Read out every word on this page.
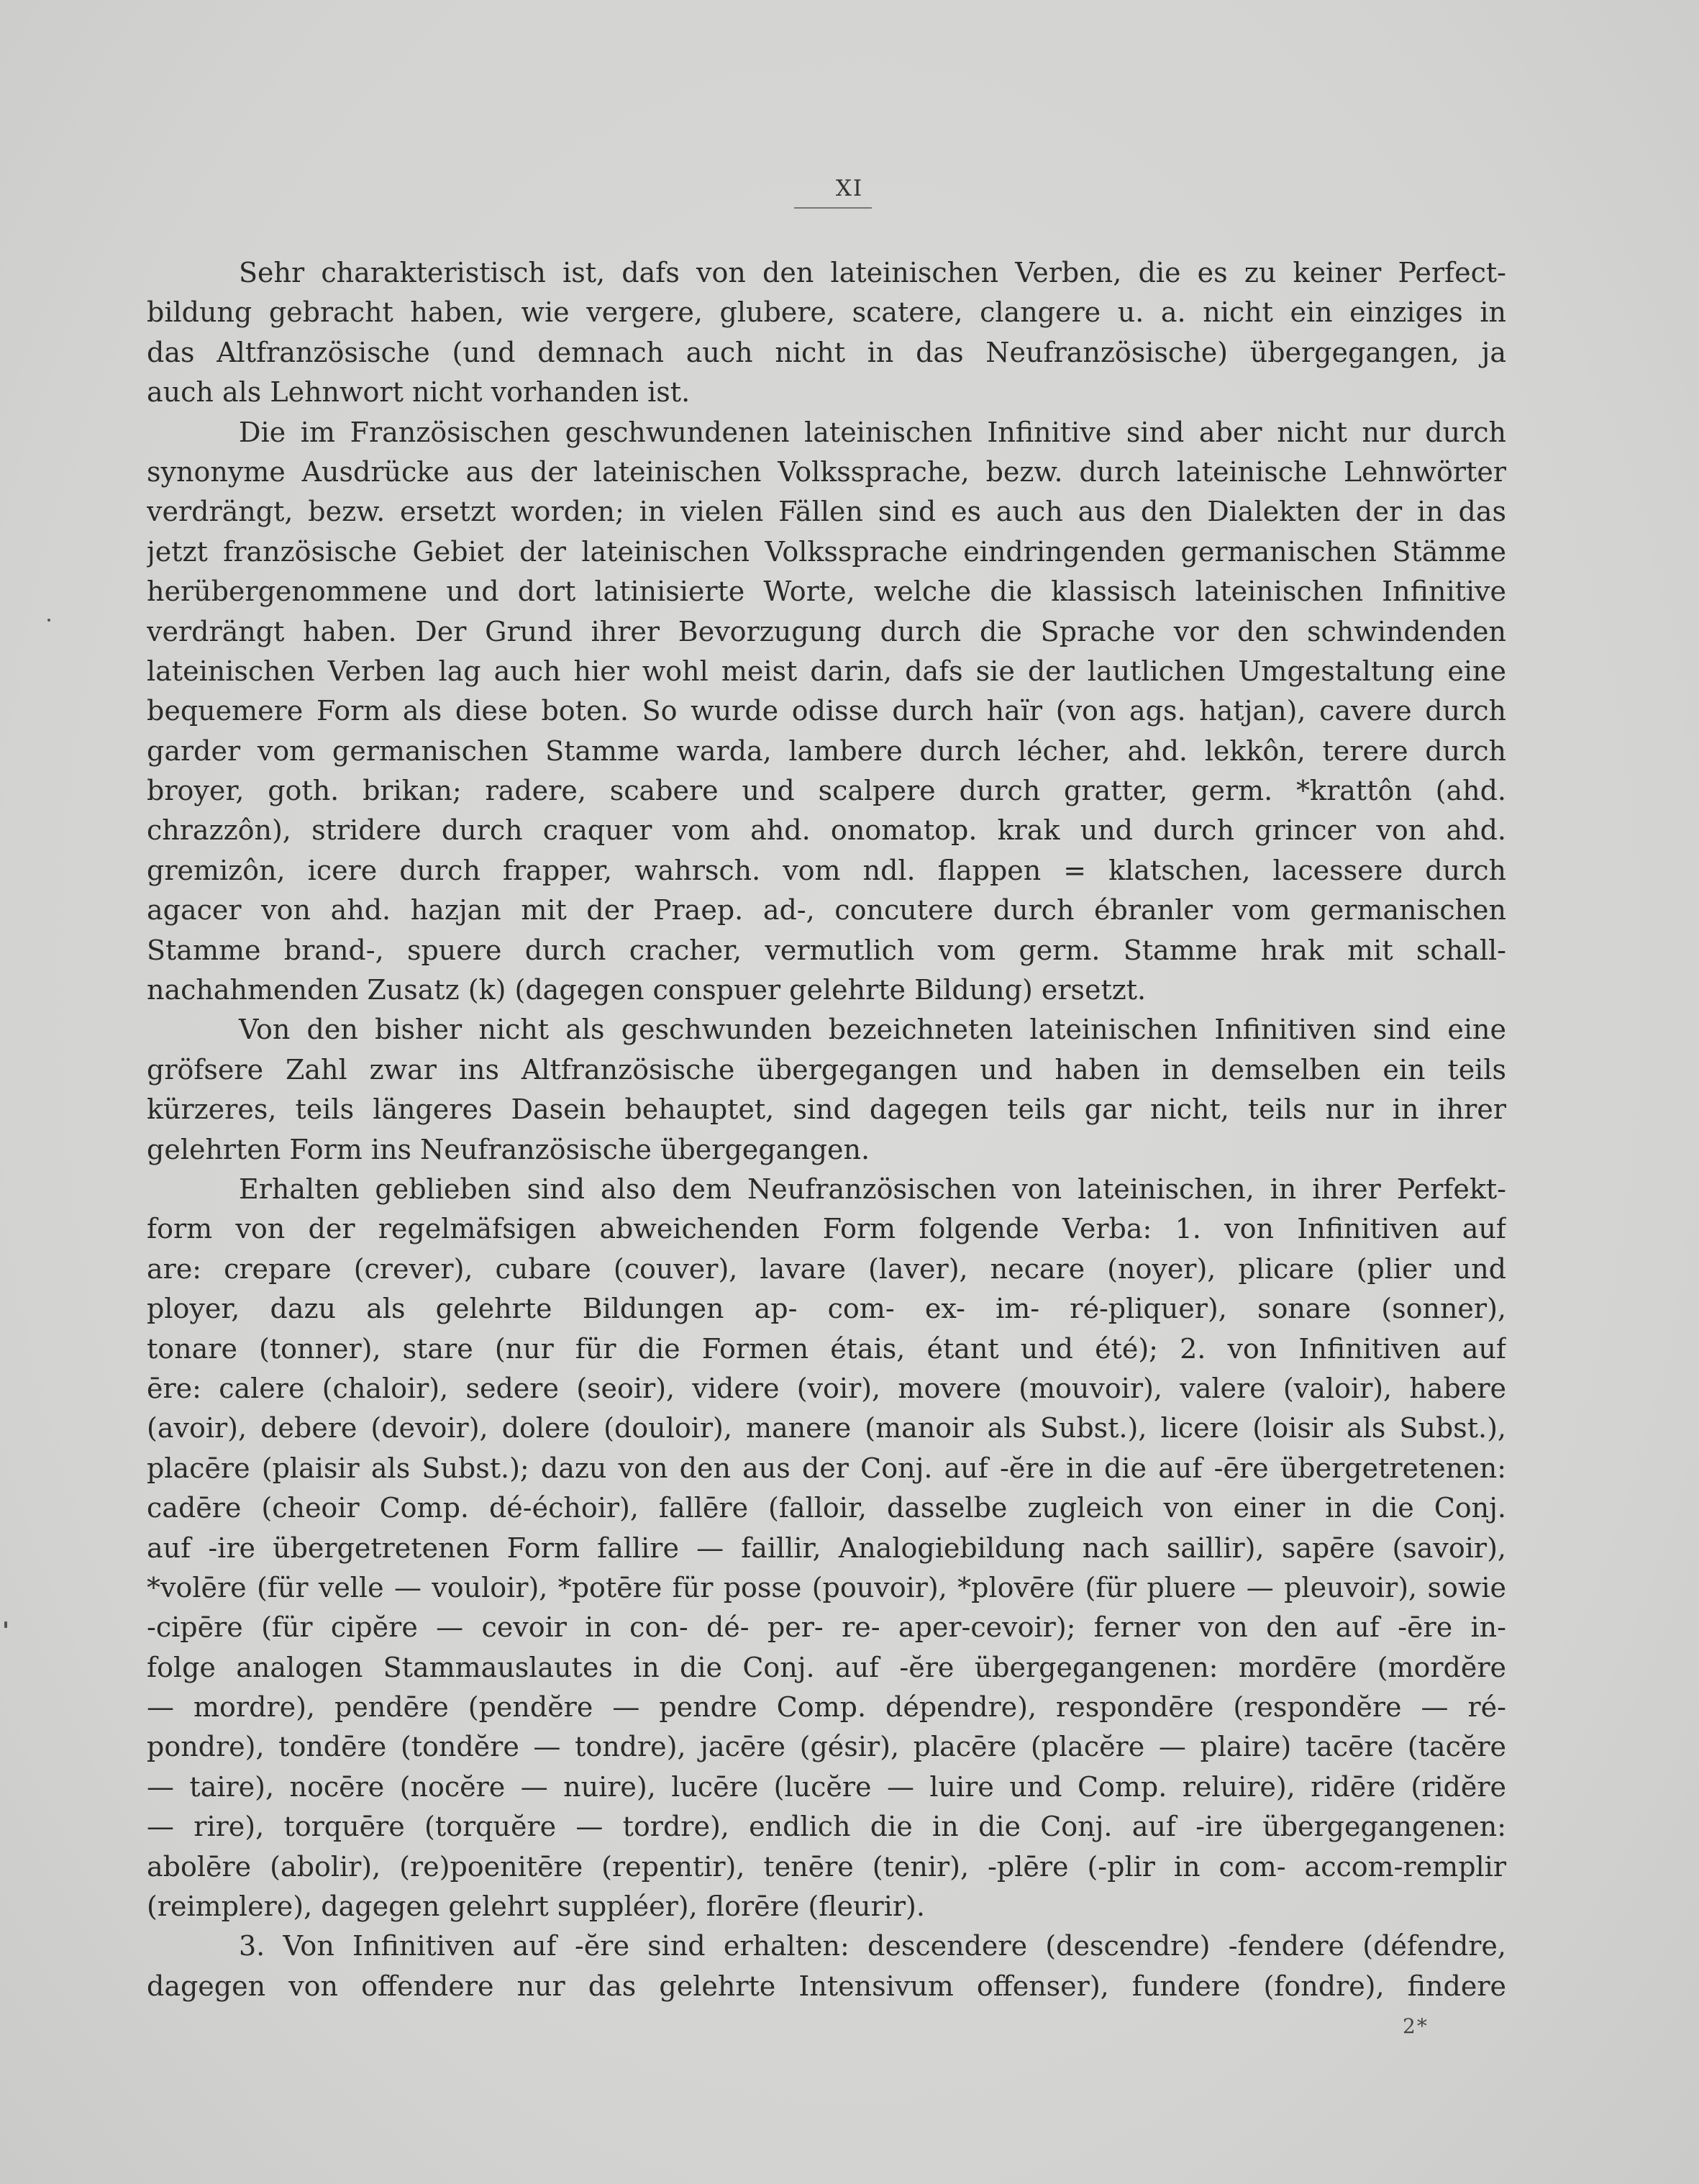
XI
Sehr charakteristisch ist, dafs von den lateinischen Verben, die es zu keiner Perfect-
bildung gebracht haben, wie vergere, glubere, scatere, clangere u. a. nicht ein einziges in
das Altfranzösische (und demnach auch nicht in das Neufranzösische) übergegangen, ja
auch als Lehnwort nicht vorhanden ist.
Die im Französischen geschwundenen lateinischen Infinitive sind aber nicht nur durch
synonyme Ausdrücke aus der lateinischen Volkssprache, bezw. durch lateinische Lehnwörter
verdrängt, bezw. ersetzt worden; in vielen Fällen sind es auch aus den Dialekten der in das
jetzt französische Gebiet der lateinischen Volkssprache eindringenden germanischen Stämme
herübergenommene und dort latinisierte Worte, welche die klassisch lateinischen Infinitive
verdrängt haben. Der Grund ihrer Bevorzugung durch die Sprache vor den schwindenden
lateinischen Verben lag auch hier wohl meist darin, dafs sie der lautlichen Umgestaltung eine
bequemere Form als diese boten. So wurde odisse durch haïr (von ags. hatjan), cavere durch
garder vom germanischen Stamme warda, lambere durch lécher, ahd. lekkôn, terere durch
broyer, goth. brikan; radere, scabere und scalpere durch gratter, germ. *krattôn (ahd.
chrazzôn), stridere durch craquer vom ahd. onomatop. krak und durch grincer von ahd.
gremizôn, icere durch frapper, wahrsch. vom ndl. flappen = klatschen, lacessere durch
agacer von ahd. hazjan mit der Praep. ad-, concutere durch ébranler vom germanischen
Stamme brand-, spuere durch cracher, vermutlich vom germ. Stamme hrak mit schall-
nachahmenden Zusatz (k) (dagegen conspuer gelehrte Bildung) ersetzt.
Von den bisher nicht als geschwunden bezeichneten lateinischen Infinitiven sind eine
gröfsere Zahl zwar ins Altfranzösische übergegangen und haben in demselben ein teils
kürzeres, teils längeres Dasein behauptet, sind dagegen teils gar nicht, teils nur in ihrer
gelehrten Form ins Neufranzösische übergegangen.
Erhalten geblieben sind also dem Neufranzösischen von lateinischen, in ihrer Perfekt-
form von der regelmäfsigen abweichenden Form folgende Verba: 1. von Infinitiven auf
are: crepare (crever), cubare (couver), lavare (laver), necare (noyer), plicare (plier und
ployer, dazu als gelehrte Bildungen ap- com- ex- im- ré-pliquer), sonare (sonner),
tonare (tonner), stare (nur für die Formen étais, étant und été); 2. von Infinitiven auf
ēre: calere (chaloir), sedere (seoir), videre (voir), movere (mouvoir), valere (valoir), habere
(avoir), debere (devoir), dolere (douloir), manere (manoir als Subst.), licere (loisir als Subst.),
placēre (plaisir als Subst.); dazu von den aus der Conj. auf -ĕre in die auf -ēre übergetretenen:
cadēre (cheoir Comp. dé-échoir), fallēre (falloir, dasselbe zugleich von einer in die Conj.
auf -ire übergetretenen Form fallire — faillir, Analogiebildung nach saillir), sapēre (savoir),
*volēre (für velle — vouloir), *potēre für posse (pouvoir), *plovēre (für pluere — pleuvoir), sowie
-cipēre (für cipĕre — cevoir in con- dé- per- re- aper-cevoir); ferner von den auf -ēre in-
folge analogen Stammauslautes in die Conj. auf -ĕre übergegangenen: mordēre (mordĕre
— mordre), pendēre (pendĕre — pendre Comp. dépendre), respondēre (respondĕre — ré-
pondre), tondēre (tondĕre — tondre), jacēre (gésir), placēre (placĕre — plaire) tacēre (tacĕre
— taire), nocēre (nocĕre — nuire), lucēre (lucĕre — luire und Comp. reluire), ridēre (ridĕre
— rire), torquēre (torquĕre — tordre), endlich die in die Conj. auf -ire übergegangenen:
abolēre (abolir), (re)poenitēre (repentir), tenēre (tenir), -plēre (-plir in com- accom-remplir
(reimplere), dagegen gelehrt suppléer), florēre (fleurir).
3. Von Infinitiven auf -ĕre sind erhalten: descendere (descendre) -fendere (défendre,
dagegen von offendere nur das gelehrte Intensivum offenser), fundere (fondre), findere
2*
